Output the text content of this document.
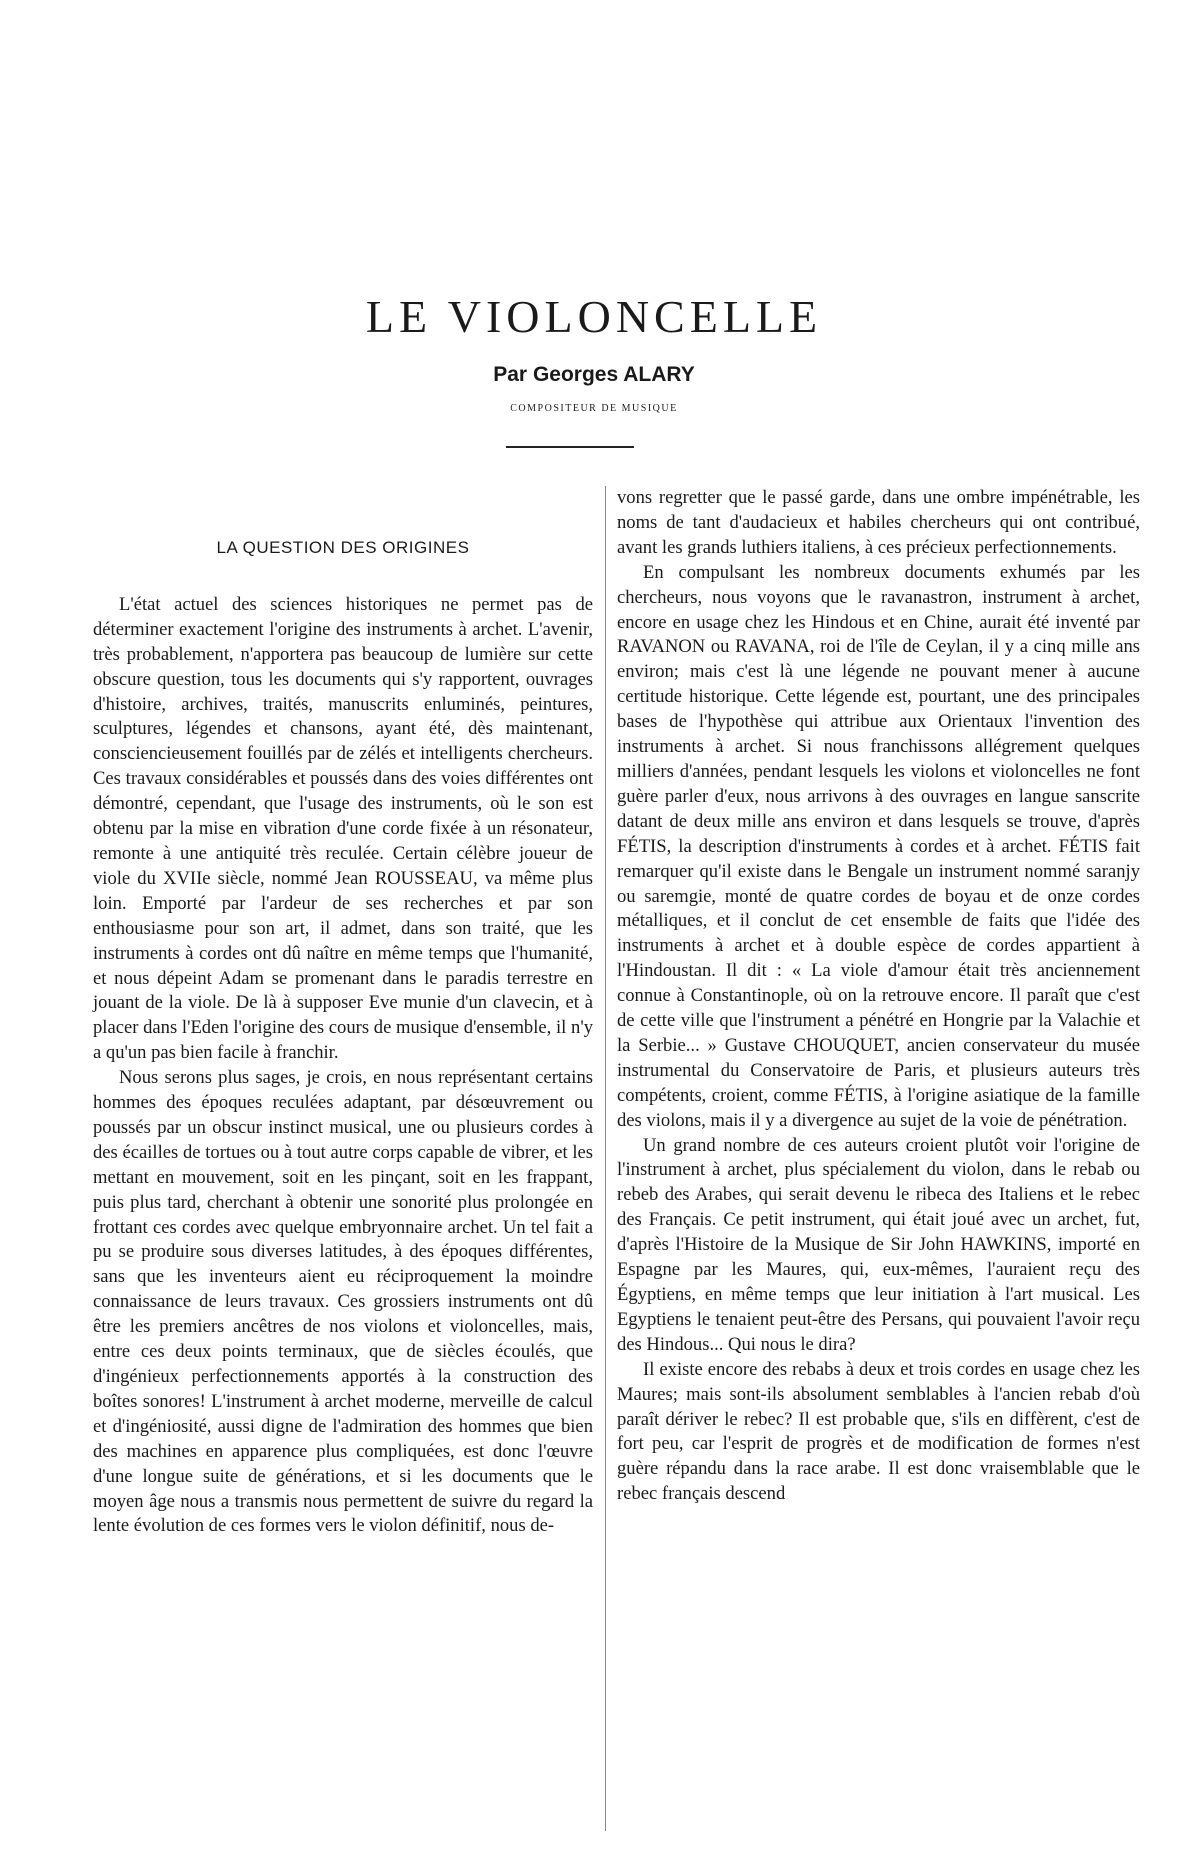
LE VIOLONCELLE
Par Georges ALARY
COMPOSITEUR DE MUSIQUE
LA QUESTION DES ORIGINES

L'état actuel des sciences historiques ne permet pas de déterminer exactement l'origine des instruments à archet. L'avenir, très probablement, n'apportera pas beaucoup de lumière sur cette obscure question, tous les documents qui s'y rapportent, ouvrages d'histoire, archives, traités, manuscrits enluminés, peintures, sculptures, légendes et chansons, ayant été, dès maintenant, consciencieusement fouillés par de zélés et intelligents chercheurs. Ces travaux considérables et poussés dans des voies différentes ont démontré, cependant, que l'usage des instruments, où le son est obtenu par la mise en vibration d'une corde fixée à un résonateur, remonte à une antiquité très reculée. Certain célèbre joueur de viole du XVIIe siècle, nommé Jean ROUSSEAU, va même plus loin. Emporté par l'ardeur de ses recherches et par son enthousiasme pour son art, il admet, dans son traité, que les instruments à cordes ont dû naître en même temps que l'humanité, et nous dépeint Adam se promenant dans le paradis terrestre en jouant de la viole. De là à supposer Eve munie d'un clavecin, et à placer dans l'Eden l'origine des cours de musique d'ensemble, il n'y a qu'un pas bien facile à franchir.

Nous serons plus sages, je crois, en nous représentant certains hommes des époques reculées adaptant, par désœuvrement ou poussés par un obscur instinct musical, une ou plusieurs cordes à des écailles de tortues ou à tout autre corps capable de vibrer, et les mettant en mouvement, soit en les pinçant, soit en les frappant, puis plus tard, cherchant à obtenir une sonorité plus prolongée en frottant ces cordes avec quelque embryonnaire archet. Un tel fait a pu se produire sous diverses latitudes, à des époques différentes, sans que les inventeurs aient eu réciproquement la moindre connaissance de leurs travaux. Ces grossiers instruments ont dû être les premiers ancêtres de nos violons et violoncelles, mais, entre ces deux points terminaux, que de siècles écoulés, que d'ingénieux perfectionnements apportés à la construction des boîtes sonores! L'instrument à archet moderne, merveille de calcul et d'ingéniosité, aussi digne de l'admiration des hommes que bien des machines en apparence plus compliquées, est donc l'œuvre d'une longue suite de générations, et si les documents que le moyen âge nous a transmis nous permettent de suivre du regard la lente évolution de ces formes vers le violon définitif, nous de-

vons regretter que le passé garde, dans une ombre impénétrable, les noms de tant d'audacieux et habiles chercheurs qui ont contribué, avant les grands luthiers italiens, à ces précieux perfectionnements.

En compulsant les nombreux documents exhumés par les chercheurs, nous voyons que le ravanastron, instrument à archet, encore en usage chez les Hindous et en Chine, aurait été inventé par RAVANON ou RAVANA, roi de l'île de Ceylan, il y a cinq mille ans environ; mais c'est là une légende ne pouvant mener à aucune certitude historique. Cette légende est, pourtant, une des principales bases de l'hypothèse qui attribue aux Orientaux l'invention des instruments à archet. Si nous franchissons allégrement quelques milliers d'années, pendant lesquels les violons et violoncelles ne font guère parler d'eux, nous arrivons à des ouvrages en langue sanscrite datant de deux mille ans environ et dans lesquels se trouve, d'après FÉTIS, la description d'instruments à cordes et à archet. FÉTIS fait remarquer qu'il existe dans le Bengale un instrument nommé saranjy ou saremgie, monté de quatre cordes de boyau et de onze cordes métalliques, et il conclut de cet ensemble de faits que l'idée des instruments à archet et à double espèce de cordes appartient à l'Hindoustan. Il dit : « La viole d'amour était très anciennement connue à Constantinople, où on la retrouve encore. Il paraît que c'est de cette ville que l'instrument a pénétré en Hongrie par la Valachie et la Serbie... » Gustave CHOUQUET, ancien conservateur du musée instrumental du Conservatoire de Paris, et plusieurs auteurs très compétents, croient, comme FÉTIS, à l'origine asiatique de la famille des violons, mais il y a divergence au sujet de la voie de pénétration.

Un grand nombre de ces auteurs croient plutôt voir l'origine de l'instrument à archet, plus spécialement du violon, dans le rebab ou rebeb des Arabes, qui serait devenu le ribeca des Italiens et le rebec des Français. Ce petit instrument, qui était joué avec un archet, fut, d'après l'Histoire de la Musique de Sir John HAWKINS, importé en Espagne par les Maures, qui, eux-mêmes, l'auraient reçu des Égyptiens, en même temps que leur initiation à l'art musical. Les Egyptiens le tenaient peut-être des Persans, qui pouvaient l'avoir reçu des Hindous... Qui nous le dira?

Il existe encore des rebabs à deux et trois cordes en usage chez les Maures; mais sont-ils absolument semblables à l'ancien rebab d'où paraît dériver le rebec? Il est probable que, s'ils en diffèrent, c'est de fort peu, car l'esprit de progrès et de modification de formes n'est guère répandu dans la race arabe. Il est donc vraisemblable que le rebec français descend
